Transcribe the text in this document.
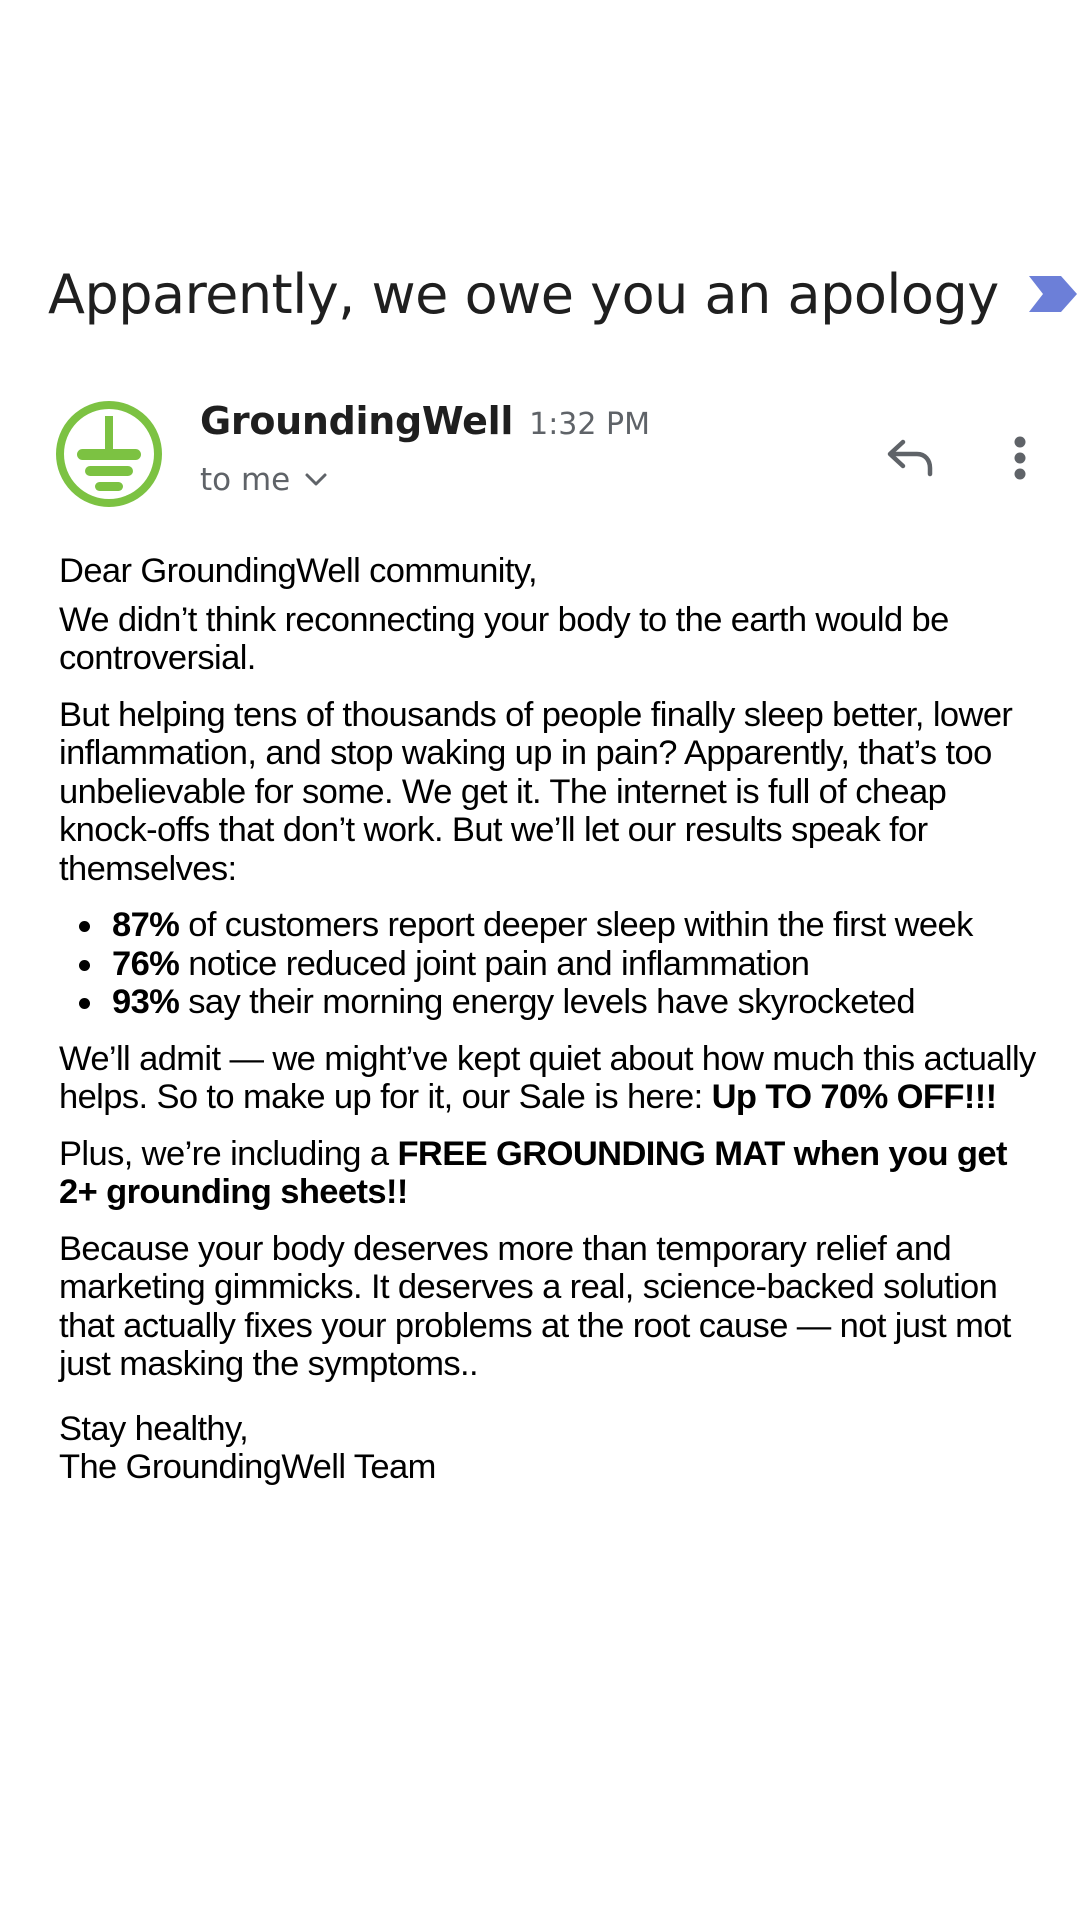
Apparently, we owe you an apology
GroundingWell 1:32 PM
to me

Dear GroundingWell community,

We didn’t think reconnecting your body to the earth would be controversial.

But helping tens of thousands of people finally sleep better, lower inflammation, and stop waking up in pain? Apparently, that’s too unbelievable for some. We get it. The internet is full of cheap knock-offs that don’t work. But we’ll let our results speak for themselves:

87% of customers report deeper sleep within the first week
76% notice reduced joint pain and inflammation
93% say their morning energy levels have skyrocketed

We’ll admit — we might’ve kept quiet about how much this actually helps. So to make up for it, our Sale is here: Up TO 70% OFF!!!

Plus, we’re including a FREE GROUNDING MAT when you get 2+ grounding sheets!!

Because your body deserves more than temporary relief and marketing gimmicks. It deserves a real, science-backed solution that actually fixes your problems at the root cause — not just mot just masking the symptoms..

Stay healthy,

The GroundingWell Team
